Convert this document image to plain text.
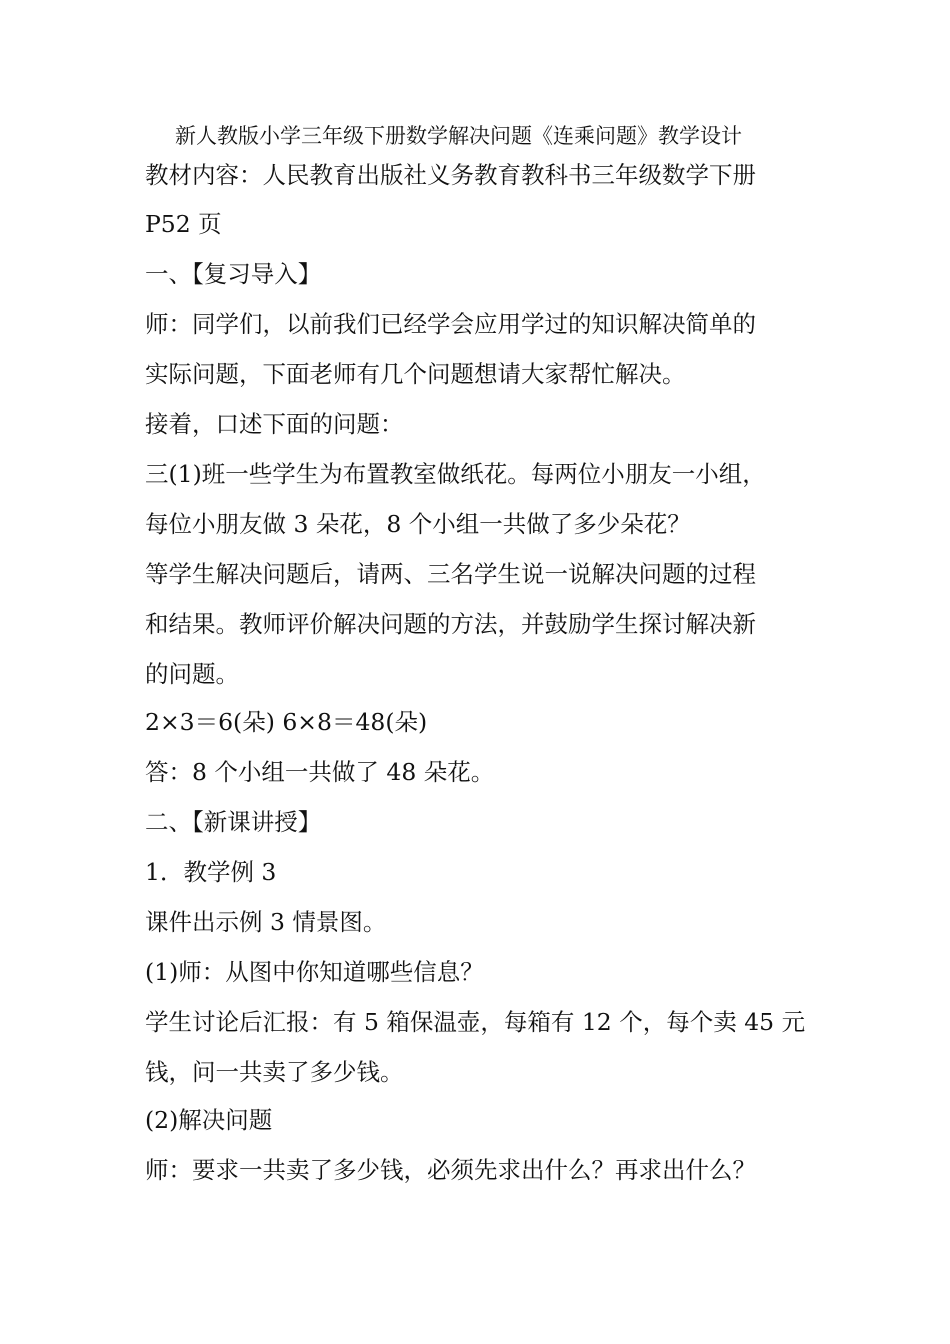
新人教版小学三年级下册数学解决问题《连乘问题》教学设计
教材内容：人民教育出版社义务教育教科书三年级数学下册
P52 页
一、【复习导入】
师：同学们，以前我们已经学会应用学过的知识解决简单的
实际问题，下面老师有几个问题想请大家帮忙解决。
接着，口述下面的问题：
三(1)班一些学生为布置教室做纸花。每两位小朋友一小组，
每位小朋友做 3 朵花，8 个小组一共做了多少朵花？
等学生解决问题后，请两、三名学生说一说解决问题的过程
和结果。教师评价解决问题的方法，并鼓励学生探讨解决新
的问题。
2×3＝6(朵) 6×8＝48(朵)
答：8 个小组一共做了 48 朵花。
二、【新课讲授】
1．教学例 3
课件出示例 3 情景图。
(1)师：从图中你知道哪些信息？
学生讨论后汇报：有 5 箱保温壶，每箱有 12 个，每个卖 45 元
钱，问一共卖了多少钱。
(2)解决问题
师：要求一共卖了多少钱，必须先求出什么？再求出什么？
